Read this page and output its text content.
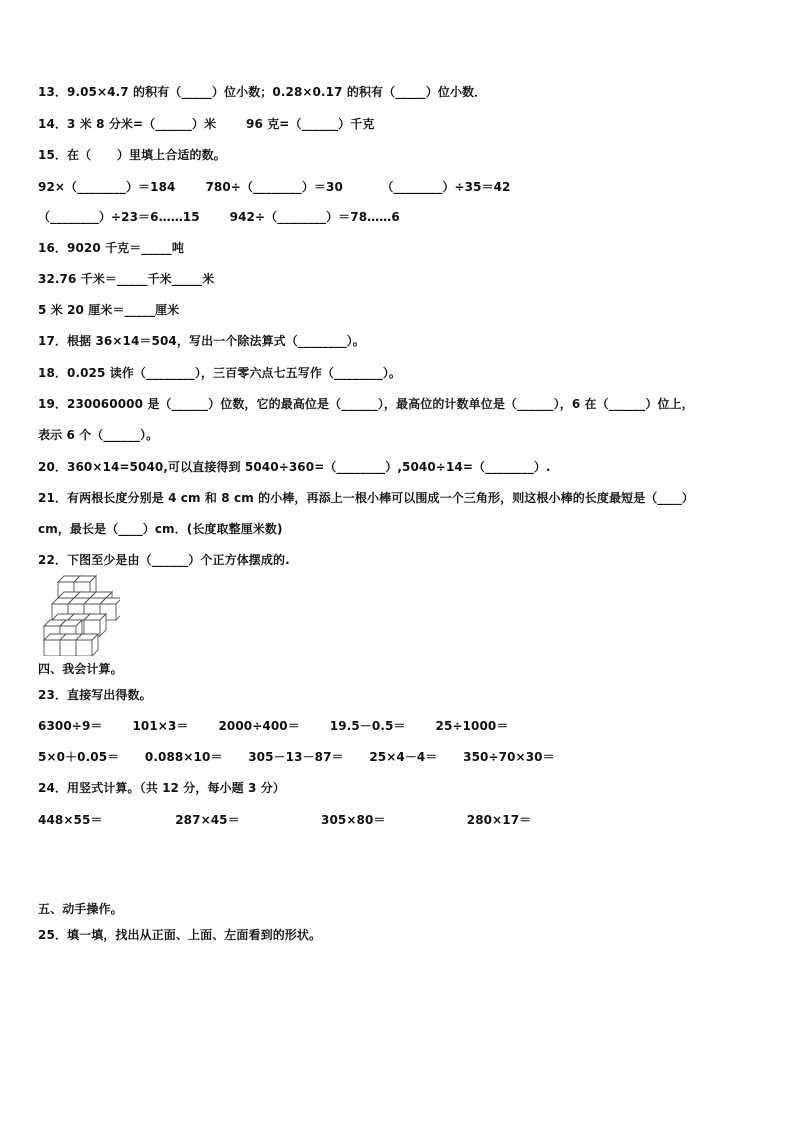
13．9.05×4.7 的积有（_____）位小数；0.28×0.17 的积有（_____）位小数．
14．3 米 8 分米=（______）米       96 克=（______）千克
15．在（      ）里填上合适的数。
92×（________）＝184       780÷（________）＝30         （________）÷35＝42
（________）÷23＝6……15       942÷（________）＝78……6
16．9020 千克＝_____吨
32.76 千米＝_____千米_____米
5 米 20 厘米＝_____厘米
17．根据 36×14＝504，写出一个除法算式（________）。
18．0.025 读作（________），三百零六点七五写作（________）。
19．230060000 是（______）位数，它的最高位是（______），最高位的计数单位是（______），6 在（______）位上，
表示 6 个（______）。
20．360×14=5040,可以直接得到 5040÷360=（________）,5040÷14=（________）.
21．有两根长度分别是 4 cm 和 8 cm 的小棒，再添上一根小棒可以围成一个三角形，则这根小棒的长度最短是（____）
cm，最长是（____）cm．(长度取整厘米数)
22．下图至少是由（______）个正方体摆成的.
四、我会计算。
23．直接写出得数。
6300÷9＝       101×3＝       2000÷400＝       19.5－0.5＝       25÷1000＝
5×0＋0.05＝      0.088×10＝      305－13－87＝      25×4－4＝      350÷70×30＝
24．用竖式计算。（共 12 分，每小题 3 分）
448×55＝                 287×45＝                   305×80＝                   280×17＝
五、动手操作。
25．填一填，找出从正面、上面、左面看到的形状。
